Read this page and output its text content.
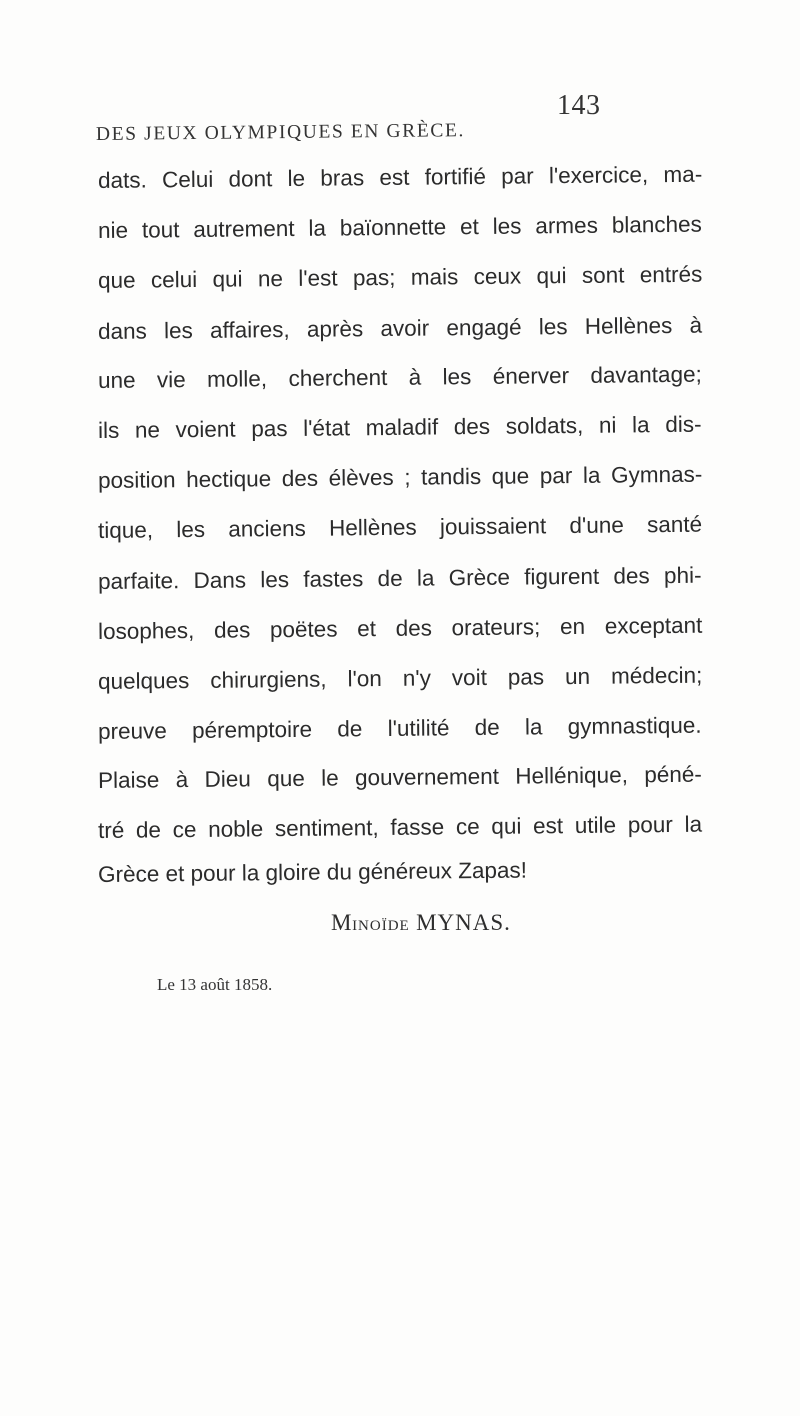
DES JEUX OLYMPIQUES EN GRÈCE.
143
dats. Celui dont le bras est fortifié par l'exercice, ma-
nie tout autrement la baïonnette et les armes blanches
que celui qui ne l'est pas; mais ceux qui sont entrés
dans les affaires, après avoir engagé les Hellènes à
une vie molle, cherchent à les énerver davantage;
ils ne voient pas l'état maladif des soldats, ni la dis-
position hectique des élèves ; tandis que par la Gymnas-
tique, les anciens Hellènes jouissaient d'une santé
parfaite. Dans les fastes de la Grèce figurent des phi-
losophes, des poëtes et des orateurs; en exceptant
quelques chirurgiens, l'on n'y voit pas un médecin;
preuve péremptoire de l'utilité de la gymnastique.
Plaise à Dieu que le gouvernement Hellénique, péné-
tré de ce noble sentiment, fasse ce qui est utile pour la
Grèce et pour la gloire du généreux Zapas!
MINOÏDE MYNAS.
Le 13 août 1858.
